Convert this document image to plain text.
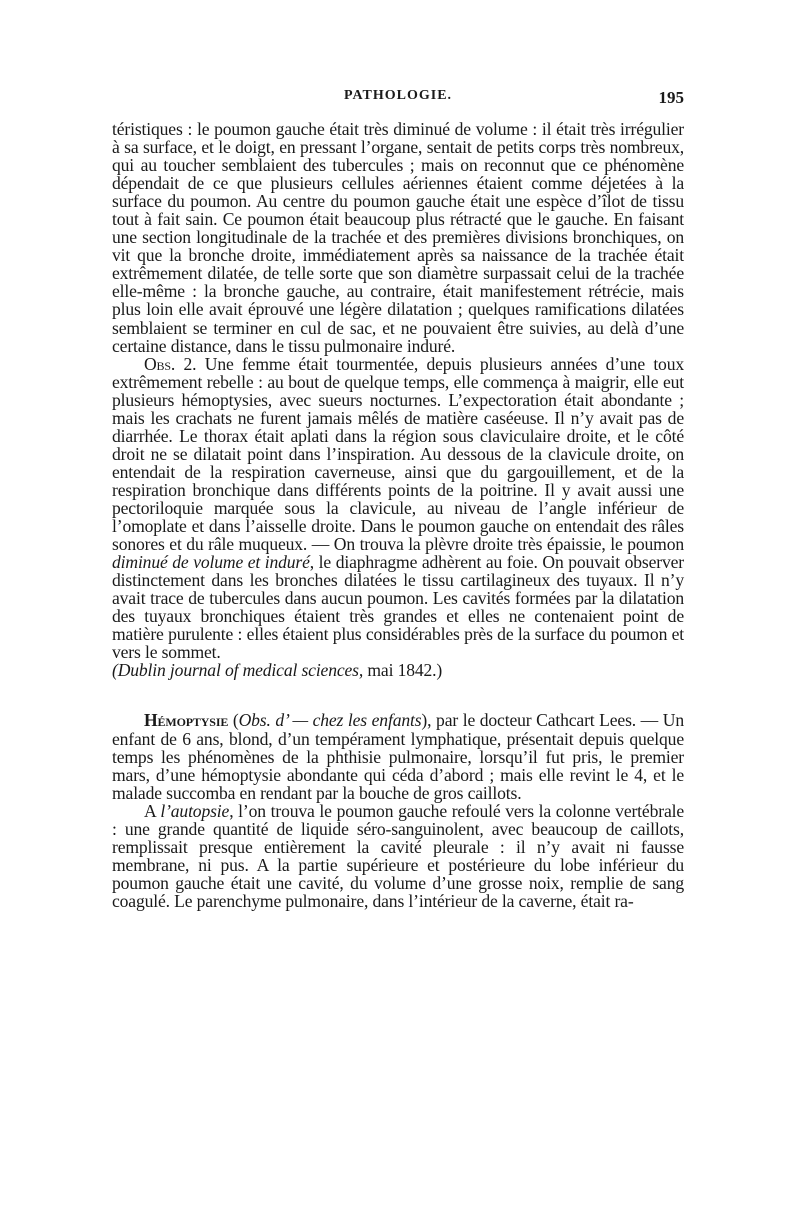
PATHOLOGIE.	195

téristiques : le poumon gauche était très diminué de volume : il était très irrégulier à sa surface, et le doigt, en pressant l’organe, sentait de petits corps très nombreux, qui au toucher semblaient des tubercules ; mais on reconnut que ce phénomène dépendait de ce que plusieurs cellules aériennes étaient comme déjetées à la surface du poumon. Au centre du poumon gauche était une espèce d’îlot de tissu tout à fait sain. Ce poumon était beaucoup plus rétracté que le gauche. En faisant une section longitudinale de la trachée et des premières divisions bronchiques, on vit que la bronche droite, immédiatement après sa naissance de la trachée était extrêmement dilatée, de telle sorte que son diamètre surpassait celui de la trachée elle-même : la bronche gauche, au contraire, était manifestement rétrécie, mais plus loin elle avait éprouvé une légère dilatation ; quelques ramifications dilatées semblaient se terminer en cul de sac, et ne pouvaient être suivies, au delà d’une certaine distance, dans le tissu pulmonaire induré.

Obs. 2. Une femme était tourmentée, depuis plusieurs années d’une toux extrêmement rebelle : au bout de quelque temps, elle commença à maigrir, elle eut plusieurs hémoptysies, avec sueurs nocturnes. L’expectoration était abondante ; mais les crachats ne furent jamais mêlés de matière caséeuse. Il n’y avait pas de diarrhée. Le thorax était aplati dans la région sous claviculaire droite, et le côté droit ne se dilatait point dans l’inspiration. Au dessous de la clavicule droite, on entendait de la respiration caverneuse, ainsi que du gargouillement, et de la respiration bronchique dans différents points de la poitrine. Il y avait aussi une pectoriloquie marquée sous la clavicule, au niveau de l’angle inférieur de l’omoplate et dans l’aisselle droite. Dans le poumon gauche on entendait des râles sonores et du râle muqueux. — On trouva la plèvre droite très épaissie, le poumon diminué de volume et induré, le diaphragme adhèrent au foie. On pouvait observer distinctement dans les bronches dilatées le tissu cartilagineux des tuyaux. Il n’y avait trace de tubercules dans aucun poumon. Les cavités formées par la dilatation des tuyaux bronchiques étaient très grandes et elles ne contenaient point de matière purulente : elles étaient plus considérables près de la surface du poumon et vers le sommet.

(Dublin journal of medical sciences, mai 1842.)

Hémoptysie (Obs. d’ — chez les enfants), par le docteur Cathcart Lees. — Un enfant de 6 ans, blond, d’un tempérament lymphatique, présentait depuis quelque temps les phénomènes de la phthisie pulmonaire, lorsqu’il fut pris, le premier mars, d’une hémoptysie abondante qui céda d’abord ; mais elle revint le 4, et le malade succomba en rendant par la bouche de gros caillots.

A l’autopsie, l’on trouva le poumon gauche refoulé vers la colonne vertébrale : une grande quantité de liquide séro-sanguinolent, avec beaucoup de caillots, remplissait presque entièrement la cavité pleurale : il n’y avait ni fausse membrane, ni pus. A la partie supérieure et postérieure du lobe inférieur du poumon gauche était une cavité, du volume d’une grosse noix, remplie de sang coagulé. Le parenchyme pulmonaire, dans l’intérieur de la caverne, était ra-
